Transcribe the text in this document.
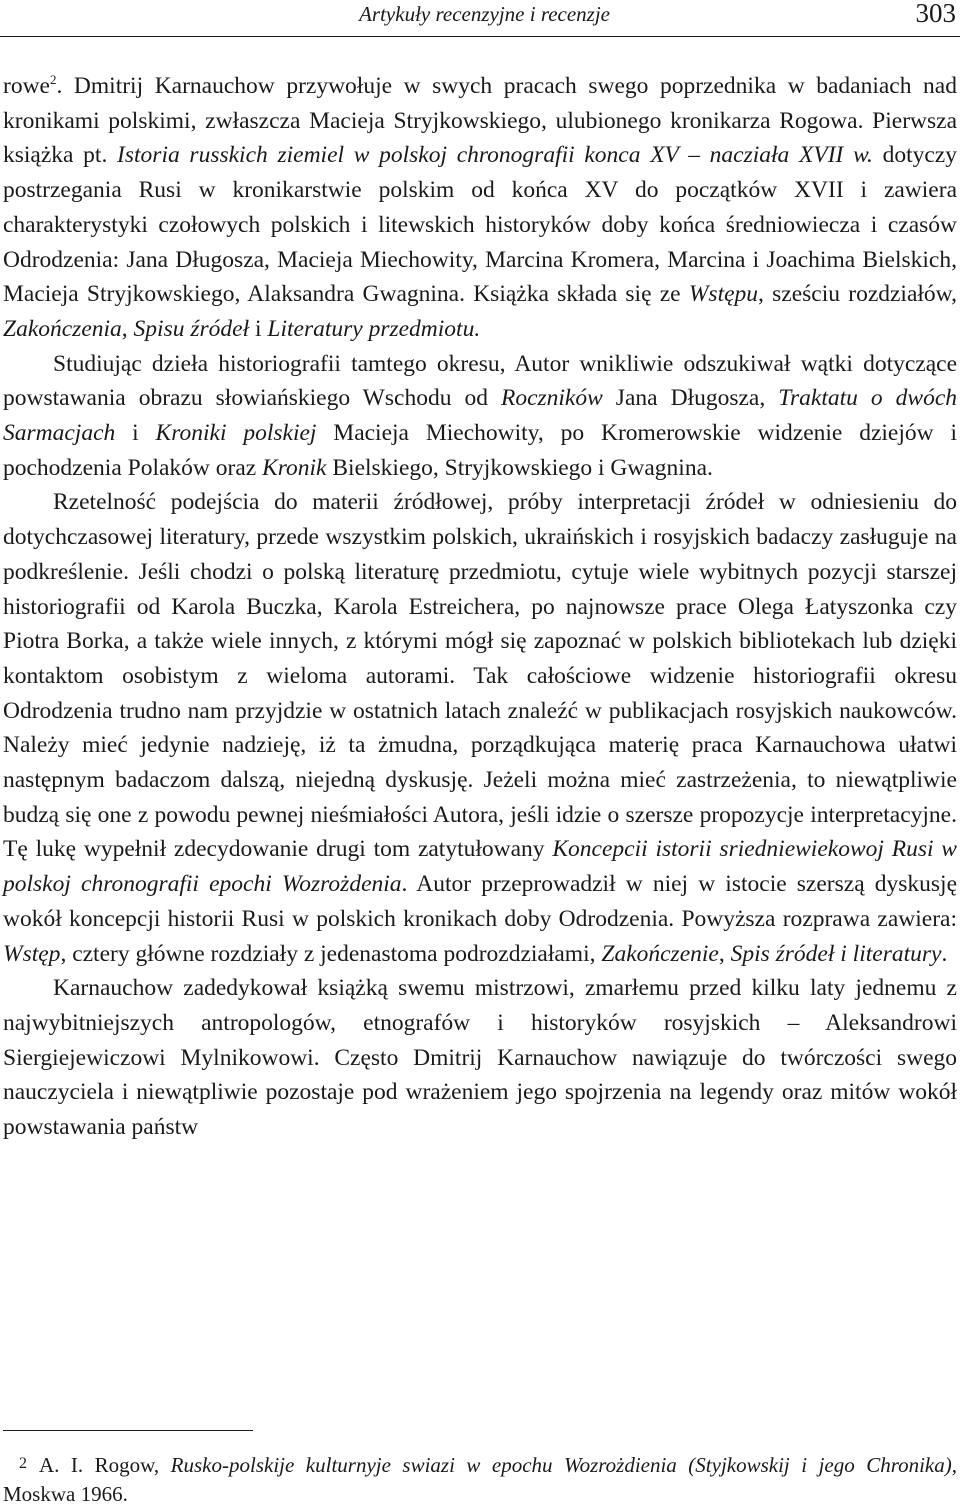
Artykuły recenzyjne i recenzje	303

rowe$^2$. Dmitrij Karnauchow przywołuje w swych pracach swego poprzednika w badaniach nad kronikami polskimi, zwłaszcza Macieja Stryjkowskiego, ulubionego kronikarza Rogowa. Pierwsza książka pt. Istoria russkich ziemiel w polskoj chronografii konca XV – nacziała XVII w. dotyczy postrzegania Rusi w kronikarstwie polskim od końca XV do początków XVII i zawiera charakterystyki czołowych polskich i litewskich historyków doby końca średniowiecza i czasów Odrodzenia: Jana Długosza, Macieja Miechowity, Marcina Kromera, Marcina i Joachima Bielskich, Macieja Stryjkowskiego, Alaksandra Gwagnina. Książka składa się ze Wstępu, sześciu rozdziałów, Zakończenia, Spisu źródeł i Literatury przedmiotu.

Studiując dzieła historiografii tamtego okresu, Autor wnikliwie odszukiwał wątki dotyczące powstawania obrazu słowiańskiego Wschodu od Roczników Jana Długosza, Traktatu o dwóch Sarmacjach i Kroniki polskiej Macieja Miechowity, po Kromerowskie widzenie dziejów i pochodzenia Polaków oraz Kronik Bielskiego, Stryjkowskiego i Gwagnina.

Rzetelność podejścia do materii źródłowej, próby interpretacji źródeł w odniesieniu do dotychczasowej literatury, przede wszystkim polskich, ukraińskich i rosyjskich badaczy zasługuje na podkreślenie. Jeśli chodzi o polską literaturę przedmiotu, cytuje wiele wybitnych pozycji starszej historiografii od Karola Buczka, Karola Estreichera, po najnowsze prace Olega Łatyszonka czy Piotra Borka, a także wiele innych, z którymi mógł się zapoznać w polskich bibliotekach lub dzięki kontaktom osobistym z wieloma autorami. Tak całościowe widzenie historiografii okresu Odrodzenia trudno nam przyjdzie w ostatnich latach znaleźć w publikacjach rosyjskich naukowców. Należy mieć jedynie nadzieję, iż ta żmudna, porządkująca materię praca Karnauchowa ułatwi następnym badaczom dalszą, niejedną dyskusję. Jeżeli można mieć zastrzeżenia, to niewątpliwie budzą się one z powodu pewnej nieśmiałości Autora, jeśli idzie o szersze propozycje interpretacyjne. Tę lukę wypełnił zdecydowanie drugi tom zatytułowany Koncepcii istorii sriedniewiekowoj Rusi w polskoj chronografii epochi Wozrożdenia. Autor przeprowadził w niej w istocie szerszą dyskusję wokół koncepcji historii Rusi w polskich kronikach doby Odrodzenia. Powyższa rozprawa zawiera: Wstęp, cztery główne rozdziały z jedenastoma podrozdziałami, Zakończenie, Spis źródeł i literatury.

Karnauchow zadedykował książką swemu mistrzowi, zmarłemu przed kilku laty jednemu z najwybitniejszych antropologów, etnografów i historyków rosyjskich – Aleksandrowi Siergiejewiczowi Mylnikowowi. Często Dmitrij Karnauchow nawiązuje do twórczości swego nauczyciela i niewątpliwie pozostaje pod wrażeniem jego spojrzenia na legendy oraz mitów wokół powstawania państw

2 A. I. Rogow, Rusko-polskije kulturnyje swiazi w epochu Wozrożdienia (Styjkowskij i jego Chronika), Moskwa 1966.
